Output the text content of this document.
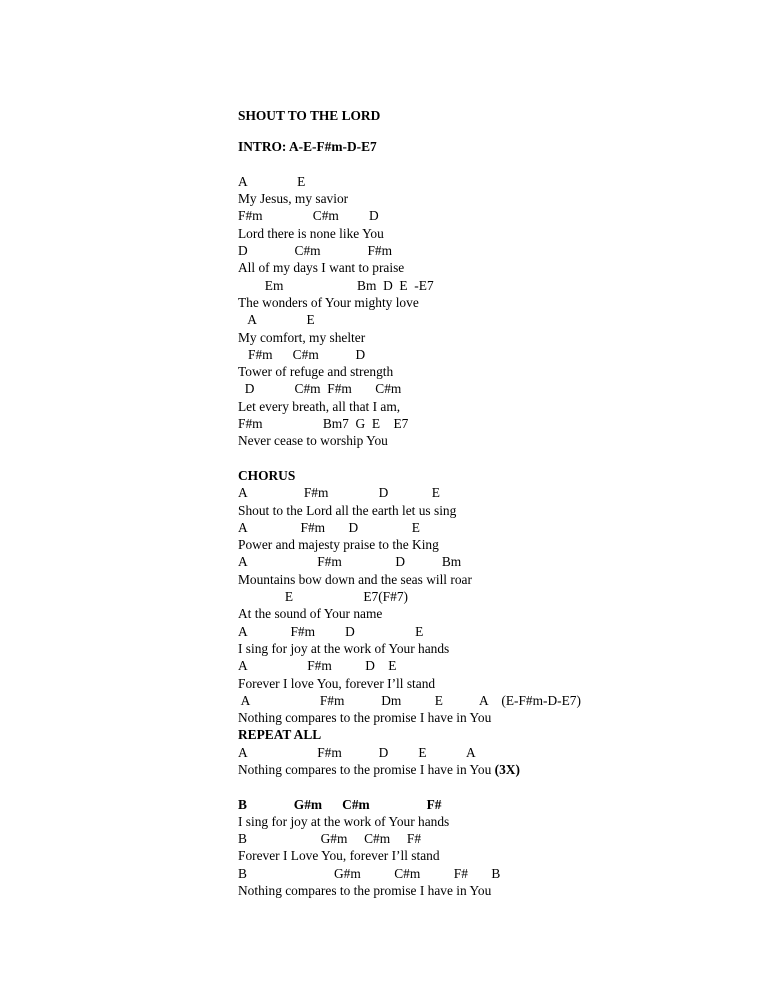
SHOUT TO THE LORD
INTRO: A-E-F#m-D-E7
A               E
My Jesus, my savior
F#m               C#m         D
Lord there is none like You
D              C#m              F#m
All of my days I want to praise
Em                      Bm  D  E  -E7
The wonders of Your mighty love
A               E
My comfort, my shelter
F#m      C#m           D
Tower of refuge and strength
D            C#m  F#m       C#m
Let every breath, all that I am,
F#m                  Bm7  G  E    E7
Never cease to worship You
CHORUS
A                 F#m               D             E
Shout to the Lord all the earth let us sing
A                F#m       D                E
Power and majesty praise to the King
A                     F#m                D           Bm
Mountains bow down and the seas will roar
E                     E7(F#7)
At the sound of Your name
A             F#m         D                  E
I sing for joy at the work of Your hands
A                  F#m          D    E
Forever I love You, forever I’ll stand
A                     F#m           Dm          E           A    (E-F#m-D-E7)
Nothing compares to the promise I have in You
REPEAT ALL
A                     F#m           D         E            A
Nothing compares to the promise I have in You (3X)
B              G#m      C#m                 F#
I sing for joy at the work of Your hands
B                      G#m     C#m     F#
Forever I Love You, forever I’ll stand
B                          G#m          C#m          F#       B
Nothing compares to the promise I have in You
